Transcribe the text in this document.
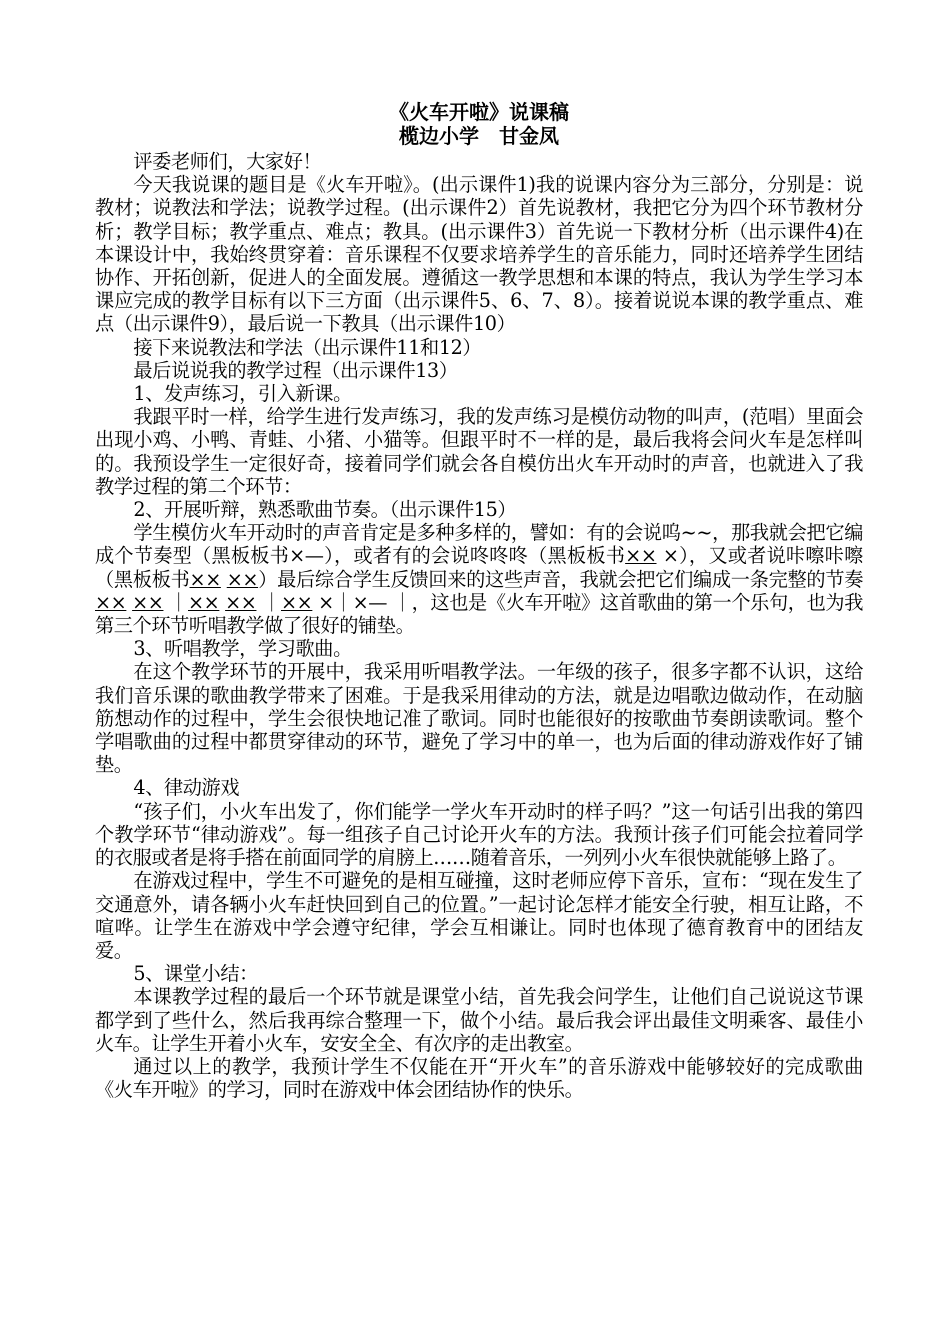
《火车开啦》说课稿

榄边小学　甘金凤

评委老师们，大家好！

今天我说课的题目是《火车开啦》。(出示课件1)我的说课内容分为三部分，分别是：说教材；说教法和学法；说教学过程。(出示课件2）首先说教材，我把它分为四个环节教材分析；教学目标；教学重点、难点；教具。(出示课件3）首先说一下教材分析（出示课件4)在本课设计中，我始终贯穿着：音乐课程不仅要求培养学生的音乐能力，同时还培养学生团结协作、开拓创新，促进人的全面发展。遵循这一教学思想和本课的特点，我认为学生学习本课应完成的教学目标有以下三方面（出示课件5、6、7、8）。接着说说本课的教学重点、难点（出示课件9），最后说一下教具（出示课件10）

接下来说教法和学法（出示课件11和12）

最后说说我的教学过程（出示课件13）

1、发声练习，引入新课。

我跟平时一样，给学生进行发声练习，我的发声练习是模仿动物的叫声，(范唱）里面会出现小鸡、小鸭、青蛙、小猪、小猫等。但跟平时不一样的是，最后我将会问火车是怎样叫的。我预设学生一定很好奇，接着同学们就会各自模仿出火车开动时的声音，也就进入了我教学过程的第二个环节：

2、开展听辩，熟悉歌曲节奏。（出示课件15）

学生模仿火车开动时的声音肯定是多种多样的，譬如：有的会说呜~~，那我就会把它编成个节奏型（黑板板书×—），或者有的会说咚咚咚（黑板板书×× ×），又或者说咔嚓咔嚓（黑板板书×× ××）最后综合学生反馈回来的这些声音，我就会把它们编成一条完整的节奏×× ×× ｜×× ×× ｜×× ×｜×— ｜，这也是《火车开啦》这首歌曲的第一个乐句，也为我第三个环节听唱教学做了很好的铺垫。

3、听唱教学，学习歌曲。

在这个教学环节的开展中，我采用听唱教学法。一年级的孩子，很多字都不认识，这给我们音乐课的歌曲教学带来了困难。于是我采用律动的方法，就是边唱歌边做动作，在动脑筋想动作的过程中，学生会很快地记准了歌词。同时也能很好的按歌曲节奏朗读歌词。整个学唱歌曲的过程中都贯穿律动的环节，避免了学习中的单一，也为后面的律动游戏作好了铺垫。

4、律动游戏

“孩子们，小火车出发了，你们能学一学火车开动时的样子吗？”这一句话引出我的第四个教学环节“律动游戏”。每一组孩子自己讨论开火车的方法。我预计孩子们可能会拉着同学的衣服或者是将手搭在前面同学的肩膀上……随着音乐，一列列小火车很快就能够上路了。

在游戏过程中，学生不可避免的是相互碰撞，这时老师应停下音乐，宣布：“现在发生了交通意外，请各辆小火车赶快回到自己的位置。”一起讨论怎样才能安全行驶，相互让路，不喧哗。让学生在游戏中学会遵守纪律，学会互相谦让。同时也体现了德育教育中的团结友爱。

5、课堂小结：

本课教学过程的最后一个环节就是课堂小结，首先我会问学生，让他们自己说说这节课都学到了些什么，然后我再综合整理一下，做个小结。最后我会评出最佳文明乘客、最佳小火车。让学生开着小火车，安安全全、有次序的走出教室。

通过以上的教学，我预计学生不仅能在开“开火车”的音乐游戏中能够较好的完成歌曲《火车开啦》的学习，同时在游戏中体会团结协作的快乐。
